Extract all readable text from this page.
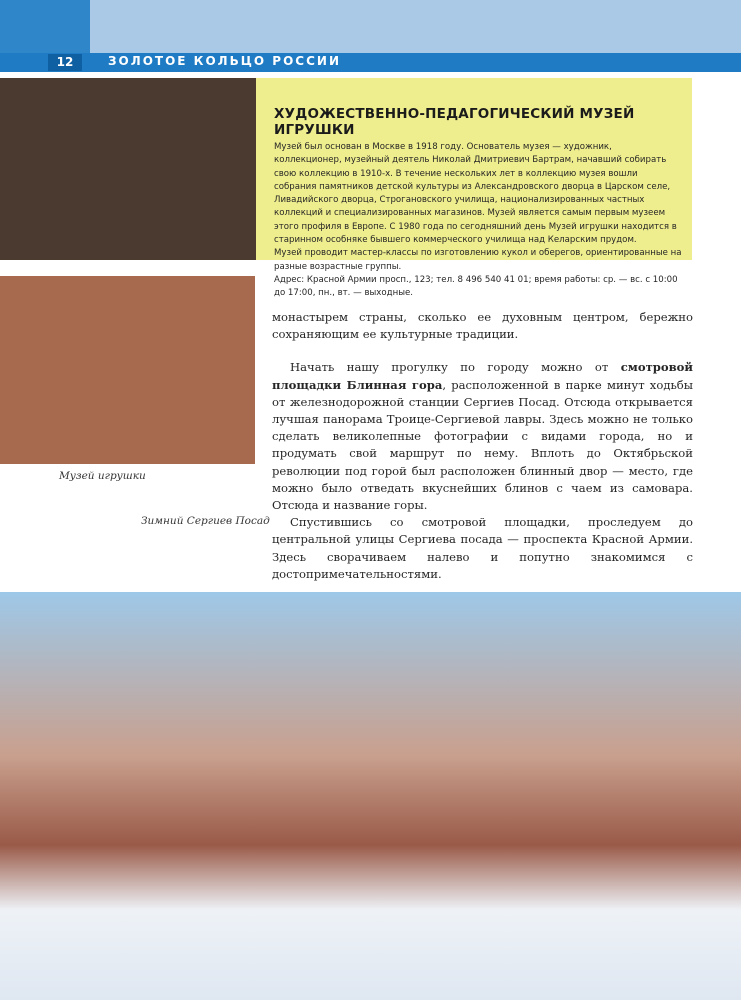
12	ЗОЛОТОЕ КОЛЬЦО РОССИИ
ХУДОЖЕСТВЕННО-ПЕДАГОГИЧЕСКИЙ МУЗЕЙ ИГРУШКИ

Музей был основан в Москве в 1918 году. Основатель музея — художник, коллекционер, музейный деятель Николай Дмитриевич Бартрам, начавший собирать свою коллекцию в 1910-х. В течение нескольких лет в коллекцию музея вошли собрания памятников детской культуры из Александровского дворца в Царском селе, Ливадийского дворца, Строгановского училища, национализированных частных коллекций и специализированных магазинов. Музей является самым первым музеем этого профиля в Европе. С 1980 года по сегодняшний день Музей игрушки находится в старинном особняке бывшего коммерческого училища над Келарским прудом.

Музей проводит мастер-классы по изготовлению кукол и оберегов, ориентированные на разные возрастные группы.

Адрес: Красной Армии просп., 123; тел. 8 496 540 41 01; время работы: ср. — вс. с 10:00 до 17:00, пн., вт. — выходные.

Музей игрушки
Зимний Сергиев Посад

монастырем страны, сколько ее духовным центром, бережно сохраняющим ее культурные традиции.

Начать нашу прогулку по городу можно от смотровой площадки Блинная гора, расположенной в парке минут ходьбы от железнодорожной станции Сергиев Посад. Отсюда открывается лучшая панорама Троице-Сергиевой лавры. Здесь можно не только сделать великолепные фотографии с видами города, но и продумать свой маршрут по нему. Вплоть до Октябрьской революции под горой был расположен блинный двор — место, где можно было отведать вкуснейших блинов с чаем из самовара. Отсюда и название горы.

Спустившись со смотровой площадки, проследуем до центральной улицы Сергиева посада — проспекта Красной Армии. Здесь сворачиваем налево и попутно знакомимся с достопримечательностями.
